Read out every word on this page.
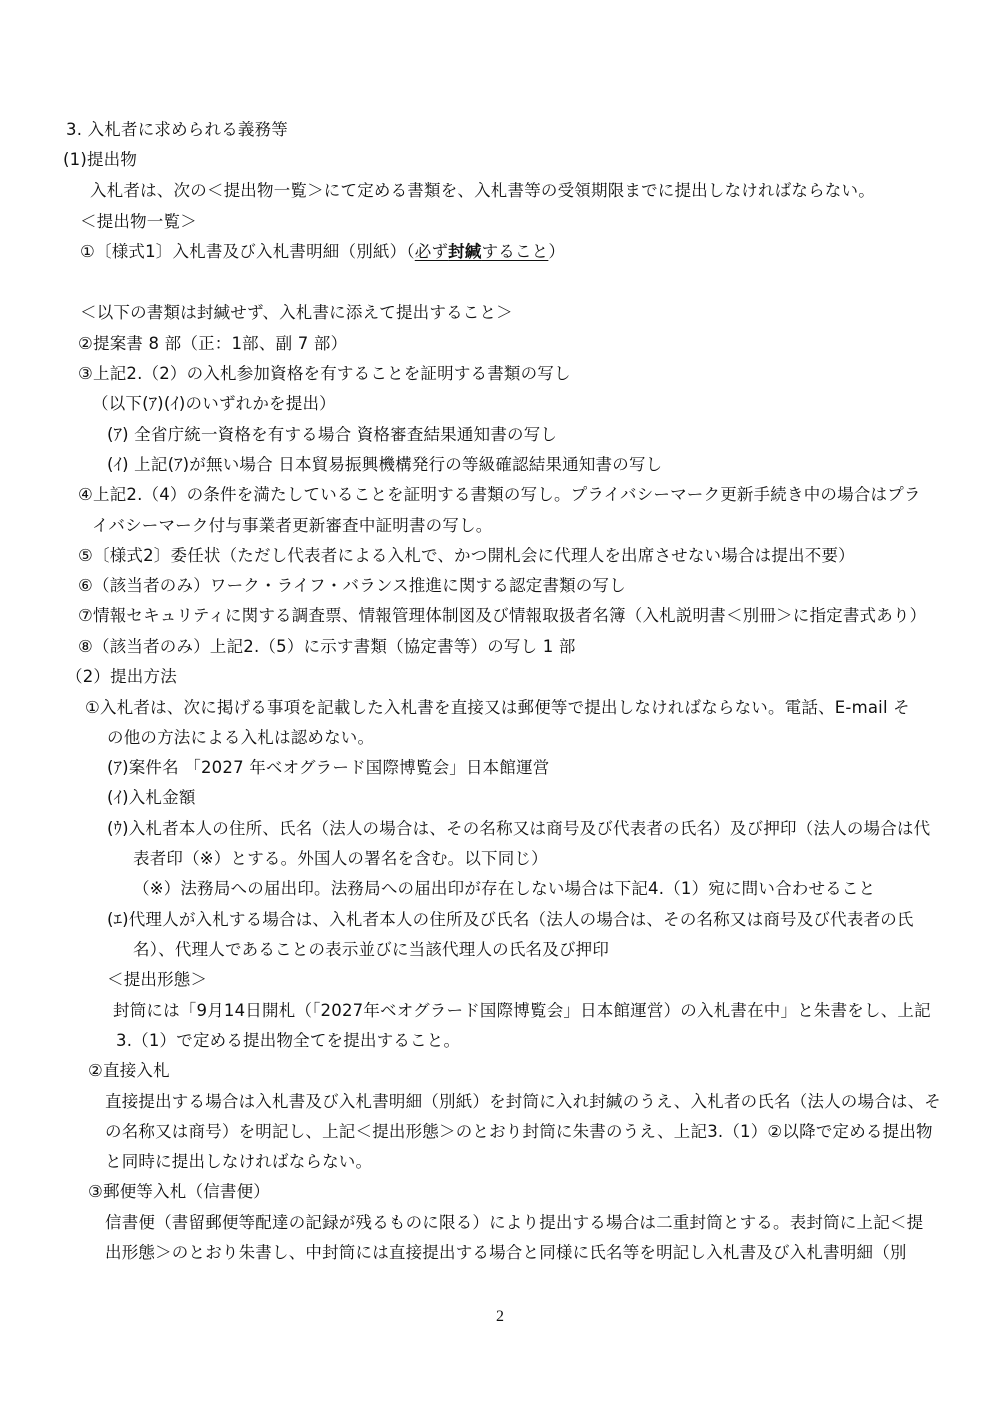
3. 入札者に求められる義務等
(1)提出物
入札者は、次の＜提出物一覧＞にて定める書類を、入札書等の受領期限までに提出しなければならない。
＜提出物一覧＞
①〔様式1〕入札書及び入札書明細（別紙）（必ず封緘すること）
＜以下の書類は封緘せず、入札書に添えて提出すること＞
②提案書 8 部（正：1部、副 7 部）
③上記2.（2）の入札参加資格を有することを証明する書類の写し
（以下(ｱ)(ｲ)のいずれかを提出）
(ｱ) 全省庁統一資格を有する場合 資格審査結果通知書の写し
(ｲ) 上記(ｱ)が無い場合 日本貿易振興機構発行の等級確認結果通知書の写し
④上記2.（4）の条件を満たしていることを証明する書類の写し。プライバシーマーク更新手続き中の場合はプラ
イバシーマーク付与事業者更新審査中証明書の写し。
⑤〔様式2〕委任状（ただし代表者による入札で、かつ開札会に代理人を出席させない場合は提出不要）
⑥（該当者のみ）ワーク・ライフ・バランス推進に関する認定書類の写し
⑦情報セキュリティに関する調査票、情報管理体制図及び情報取扱者名簿（入札説明書＜別冊＞に指定書式あり）
⑧（該当者のみ）上記2.（5）に示す書類（協定書等）の写し 1 部
（2）提出方法
①入札者は、次に掲げる事項を記載した入札書を直接又は郵便等で提出しなければならない。電話、E-mail そ
の他の方法による入札は認めない。
(ｱ)案件名 「2027 年ベオグラード国際博覧会」日本館運営
(ｲ)入札金額
(ｳ)入札者本人の住所、氏名（法人の場合は、その名称又は商号及び代表者の氏名）及び押印（法人の場合は代
表者印（※）とする。外国人の署名を含む。以下同じ）
（※）法務局への届出印。法務局への届出印が存在しない場合は下記4.（1）宛に問い合わせること
(ｴ)代理人が入札する場合は、入札者本人の住所及び氏名（法人の場合は、その名称又は商号及び代表者の氏
名）、代理人であることの表示並びに当該代理人の氏名及び押印
＜提出形態＞
封筒には「9月14日開札（「2027年ベオグラード国際博覧会」日本館運営）の入札書在中」と朱書をし、上記
3.（1）で定める提出物全てを提出すること。
②直接入札
直接提出する場合は入札書及び入札書明細（別紙）を封筒に入れ封緘のうえ、入札者の氏名（法人の場合は、そ
の名称又は商号）を明記し、上記＜提出形態＞のとおり封筒に朱書のうえ、上記3.（1）②以降で定める提出物
と同時に提出しなければならない。
③郵便等入札（信書便）
信書便（書留郵便等配達の記録が残るものに限る）により提出する場合は二重封筒とする。表封筒に上記＜提
出形態＞のとおり朱書し、中封筒には直接提出する場合と同様に氏名等を明記し入札書及び入札書明細（別
2
